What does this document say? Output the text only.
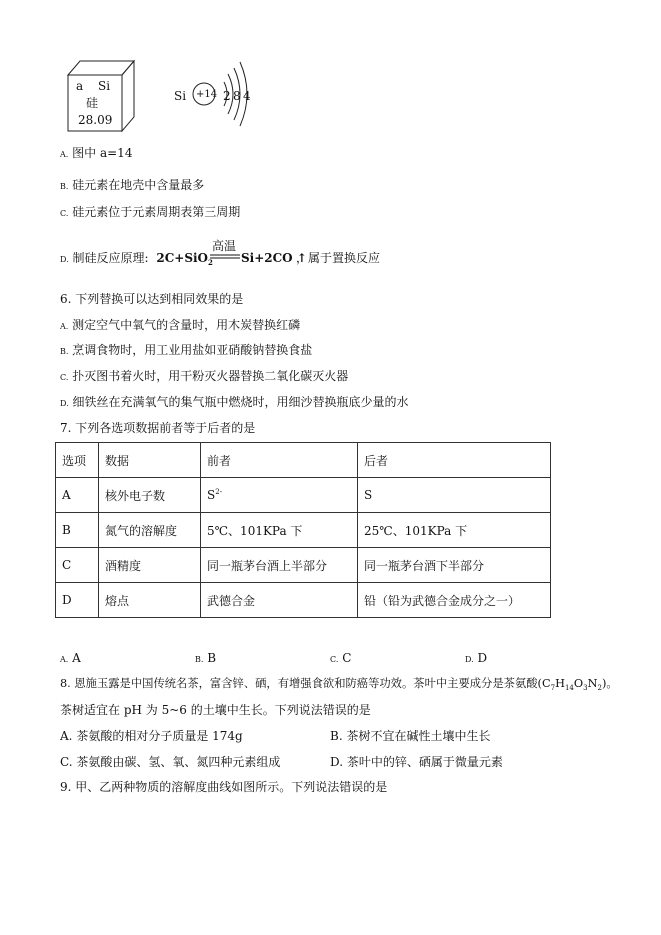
a Si
硅
28.09
Si +14 2 8 4
A. 图中 a=14
B. 硅元素在地壳中含量最多
C. 硅元素位于元素周期表第三周期
D. 制硅反应原理: 2C+SiO$_2$
高温
Si+2CO ↑
，属于置换反应
6. 下列替换可以达到相同效果的是
A. 测定空气中氧气的含量时，用木炭替换红磷
B. 烹调食物时，用工业用盐如亚硝酸钠替换食盐
C. 扑灭图书着火时，用干粉灭火器替换二氧化碳灭火器
D. 细铁丝在充满氧气的集气瓶中燃烧时，用细沙替换瓶底少量的水
7. 下列各选项数据前者等于后者的是
选项	数据	前者	后者
A	核外电子数	$S^{2-}$	S
B	氮气的溶解度	5℃、101KPa 下	25℃、101KPa 下
C	酒精度	同一瓶茅台酒上半部分	同一瓶茅台酒下半部分
D	熔点	武德合金	铅（铅为武德合金成分之一）
A. A	B. B	C. C	D. D
8. 恩施玉露是中国传统名茶，富含锌、硒，有增强食欲和防癌等功效。茶叶中主要成分是茶氨酸$(C_7H_{14}O_3N_2)$。
茶树适宜在 pH 为 5~6 的土壤中生长。下列说法错误的是
A. 茶氨酸的相对分子质量是 174g	B. 茶树不宜在碱性土壤中生长
C. 茶氨酸由碳、氢、氧、氮四种元素组成	D. 茶叶中的锌、硒属于微量元素
9. 甲、乙两种物质的溶解度曲线如图所示。下列说法错误的是
